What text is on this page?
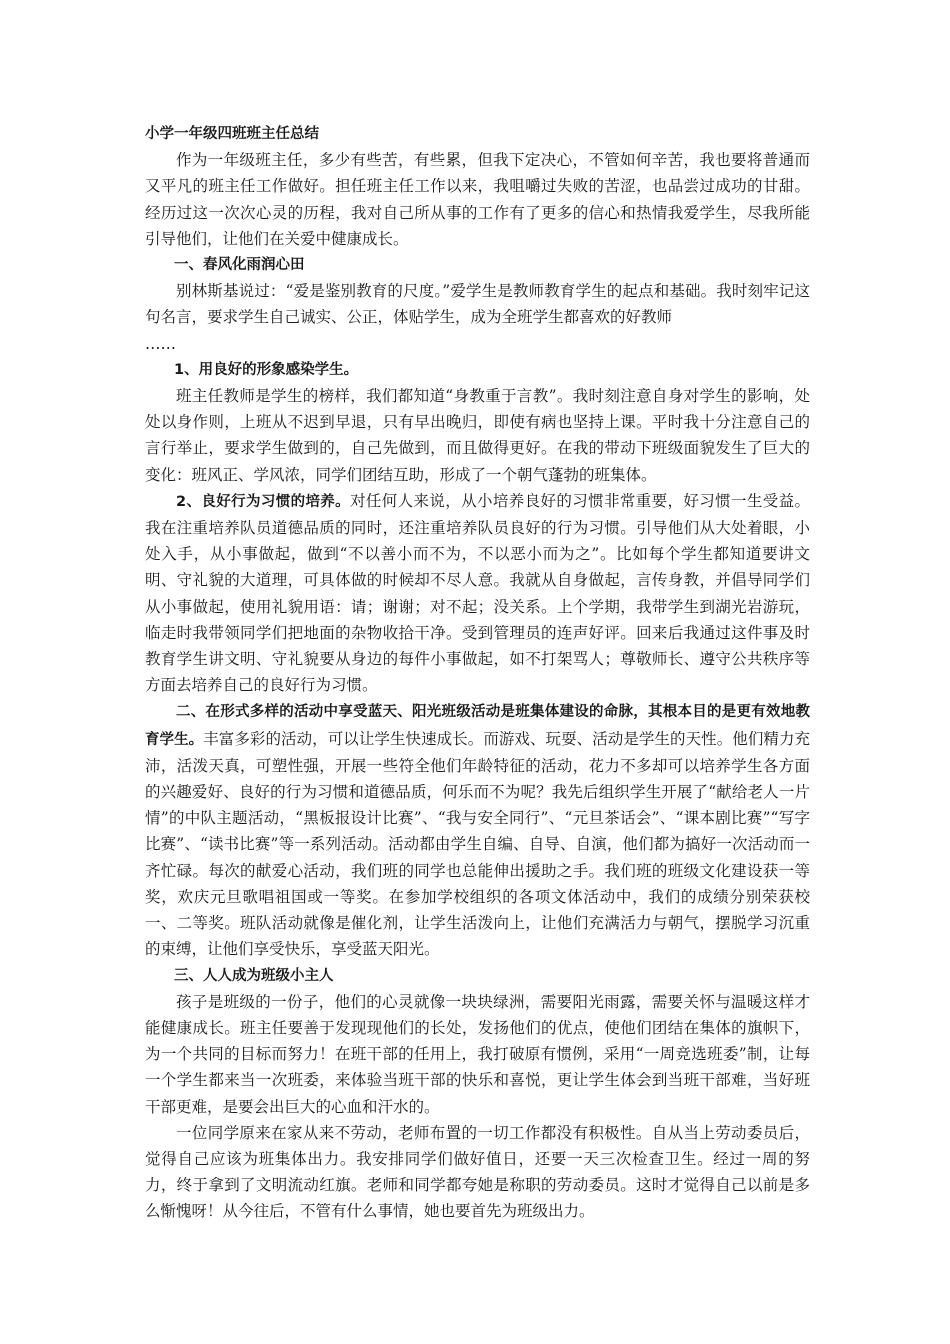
小学一年级四班班主任总结

作为一年级班主任，多少有些苦，有些累，但我下定决心，不管如何辛苦，我也要将普通而又平凡的班主任工作做好。担任班主任工作以来，我咀嚼过失败的苦涩，也品尝过成功的甘甜。经历过这一次次心灵的历程，我对自己所从事的工作有了更多的信心和热情我爱学生，尽我所能引导他们，让他们在关爱中健康成长。

一、春风化雨润心田

别林斯基说过：“爱是鉴别教育的尺度。”爱学生是教师教育学生的起点和基础。我时刻牢记这句名言，要求学生自己诚实、公正，体贴学生，成为全班学生都喜欢的好教师

……

1、用良好的形象感染学生。

班主任教师是学生的榜样，我们都知道“身教重于言教”。我时刻注意自身对学生的影响，处处以身作则，上班从不迟到早退，只有早出晚归，即使有病也坚持上课。平时我十分注意自己的言行举止，要求学生做到的，自己先做到，而且做得更好。在我的带动下班级面貌发生了巨大的变化：班风正、学风浓，同学们团结互助，形成了一个朝气蓬勃的班集体。

2、良好行为习惯的培养。对任何人来说，从小培养良好的习惯非常重要，好习惯一生受益。我在注重培养队员道德品质的同时，还注重培养队员良好的行为习惯。引导他们从大处着眼，小处入手，从小事做起，做到“不以善小而不为，不以恶小而为之”。比如每个学生都知道要讲文明、守礼貌的大道理，可具体做的时候却不尽人意。我就从自身做起，言传身教，并倡导同学们从小事做起，使用礼貌用语：请；谢谢；对不起；没关系。上个学期，我带学生到湖光岩游玩，临走时我带领同学们把地面的杂物收拾干净。受到管理员的连声好评。回来后我通过这件事及时教育学生讲文明、守礼貌要从身边的每件小事做起，如不打架骂人；尊敬师长、遵守公共秩序等方面去培养自己的良好行为习惯。

二、在形式多样的活动中享受蓝天、阳光班级活动是班集体建设的命脉，其根本目的是更有效地教育学生。丰富多彩的活动，可以让学生快速成长。而游戏、玩耍、活动是学生的天性。他们精力充沛，活泼天真，可塑性强，开展一些符全他们年龄特征的活动，花力不多却可以培养学生各方面的兴趣爱好、良好的行为习惯和道德品质，何乐而不为呢？我先后组织学生开展了“献给老人一片情”的中队主题活动，“黑板报设计比赛”、“我与安全同行”、“元旦茶话会”、“课本剧比赛”“写字比赛”、“读书比赛”等一系列活动。活动都由学生自编、自导、自演，他们都为搞好一次活动而一齐忙碌。每次的献爱心活动，我们班的同学也总能伸出援助之手。我们班的班级文化建设获一等奖，欢庆元旦歌唱祖国或一等奖。在参加学校组织的各项文体活动中，我们的成绩分别荣获校一、二等奖。班队活动就像是催化剂，让学生活泼向上，让他们充满活力与朝气，摆脱学习沉重的束缚，让他们享受快乐，享受蓝天阳光。

三、人人成为班级小主人

孩子是班级的一份子，他们的心灵就像一块块绿洲，需要阳光雨露，需要关怀与温暖这样才能健康成长。班主任要善于发现现他们的长处，发扬他们的优点，使他们团结在集体的旗帜下，为一个共同的目标而努力！在班干部的任用上，我打破原有惯例，采用“一周竞选班委”制，让每一个学生都来当一次班委，来体验当班干部的快乐和喜悦，更让学生体会到当班干部难，当好班干部更难，是要会出巨大的心血和汗水的。

一位同学原来在家从来不劳动，老师布置的一切工作都没有积极性。自从当上劳动委员后，觉得自己应该为班集体出力。我安排同学们做好值日，还要一天三次检查卫生。经过一周的努力，终于拿到了文明流动红旗。老师和同学都夸她是称职的劳动委员。这时才觉得自己以前是多么惭愧呀！从今往后，不管有什么事情，她也要首先为班级出力。
